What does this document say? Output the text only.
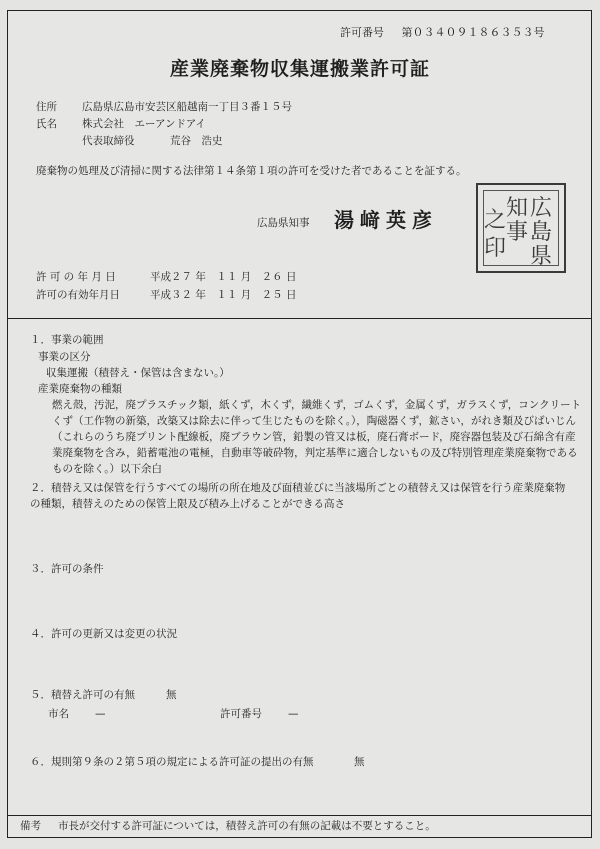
許可番号 第０３４０９１８６３５３号
産業廃棄物収集運搬業許可証
住所 広島県広島市安芸区船越南一丁目３番１５号
氏名 株式会社　エーアンドアイ
代表取締役	荒谷　浩史
廃棄物の処理及び清掃に関する法律第１４条第１項の許可を受けた者であることを証する。
広島県知事 湯﨑英彦	広
島
県
知
事
之
印
許 可 の 年 月 日	平成２７ 年　１１ 月　２６ 日
許可の有効年月日	平成３２ 年　１１ 月　２５ 日
１．事業の範囲
事業の区分
収集運搬（積替え・保管は含まない。）
産業廃棄物の種類
燃え殻，汚泥，廃プラスチック類，紙くず，木くず，繊維くず，ゴムくず，金属くず，ガラスくず，コンクリートくず（工作物の新築，改築又は除去に伴って生じたものを除く。），陶磁器くず，鉱さい，がれき類及びばいじん（これらのうち廃プリント配線板，廃ブラウン管，鉛製の管又は板，廃石膏ボード，廃容器包装及び石綿含有産業廃棄物を含み，鉛蓄電池の電極，自動車等破砕物，判定基準に適合しないもの及び特別管理産業廃棄物であるものを除く。）以下余白
２．積替え又は保管を行うすべての場所の所在地及び面積並びに当該場所ごとの積替え又は保管を行う産業廃棄物の種類，積替えのための保管上限及び積み上げることができる高さ
３．許可の条件
４．許可の更新又は変更の状況
５．積替え許可の有無	無
市名 —	許可番号 —
６．規則第９条の２第５項の規定による許可証の提出の有無	無
備考 市長が交付する許可証については，積替え許可の有無の記載は不要とすること。
